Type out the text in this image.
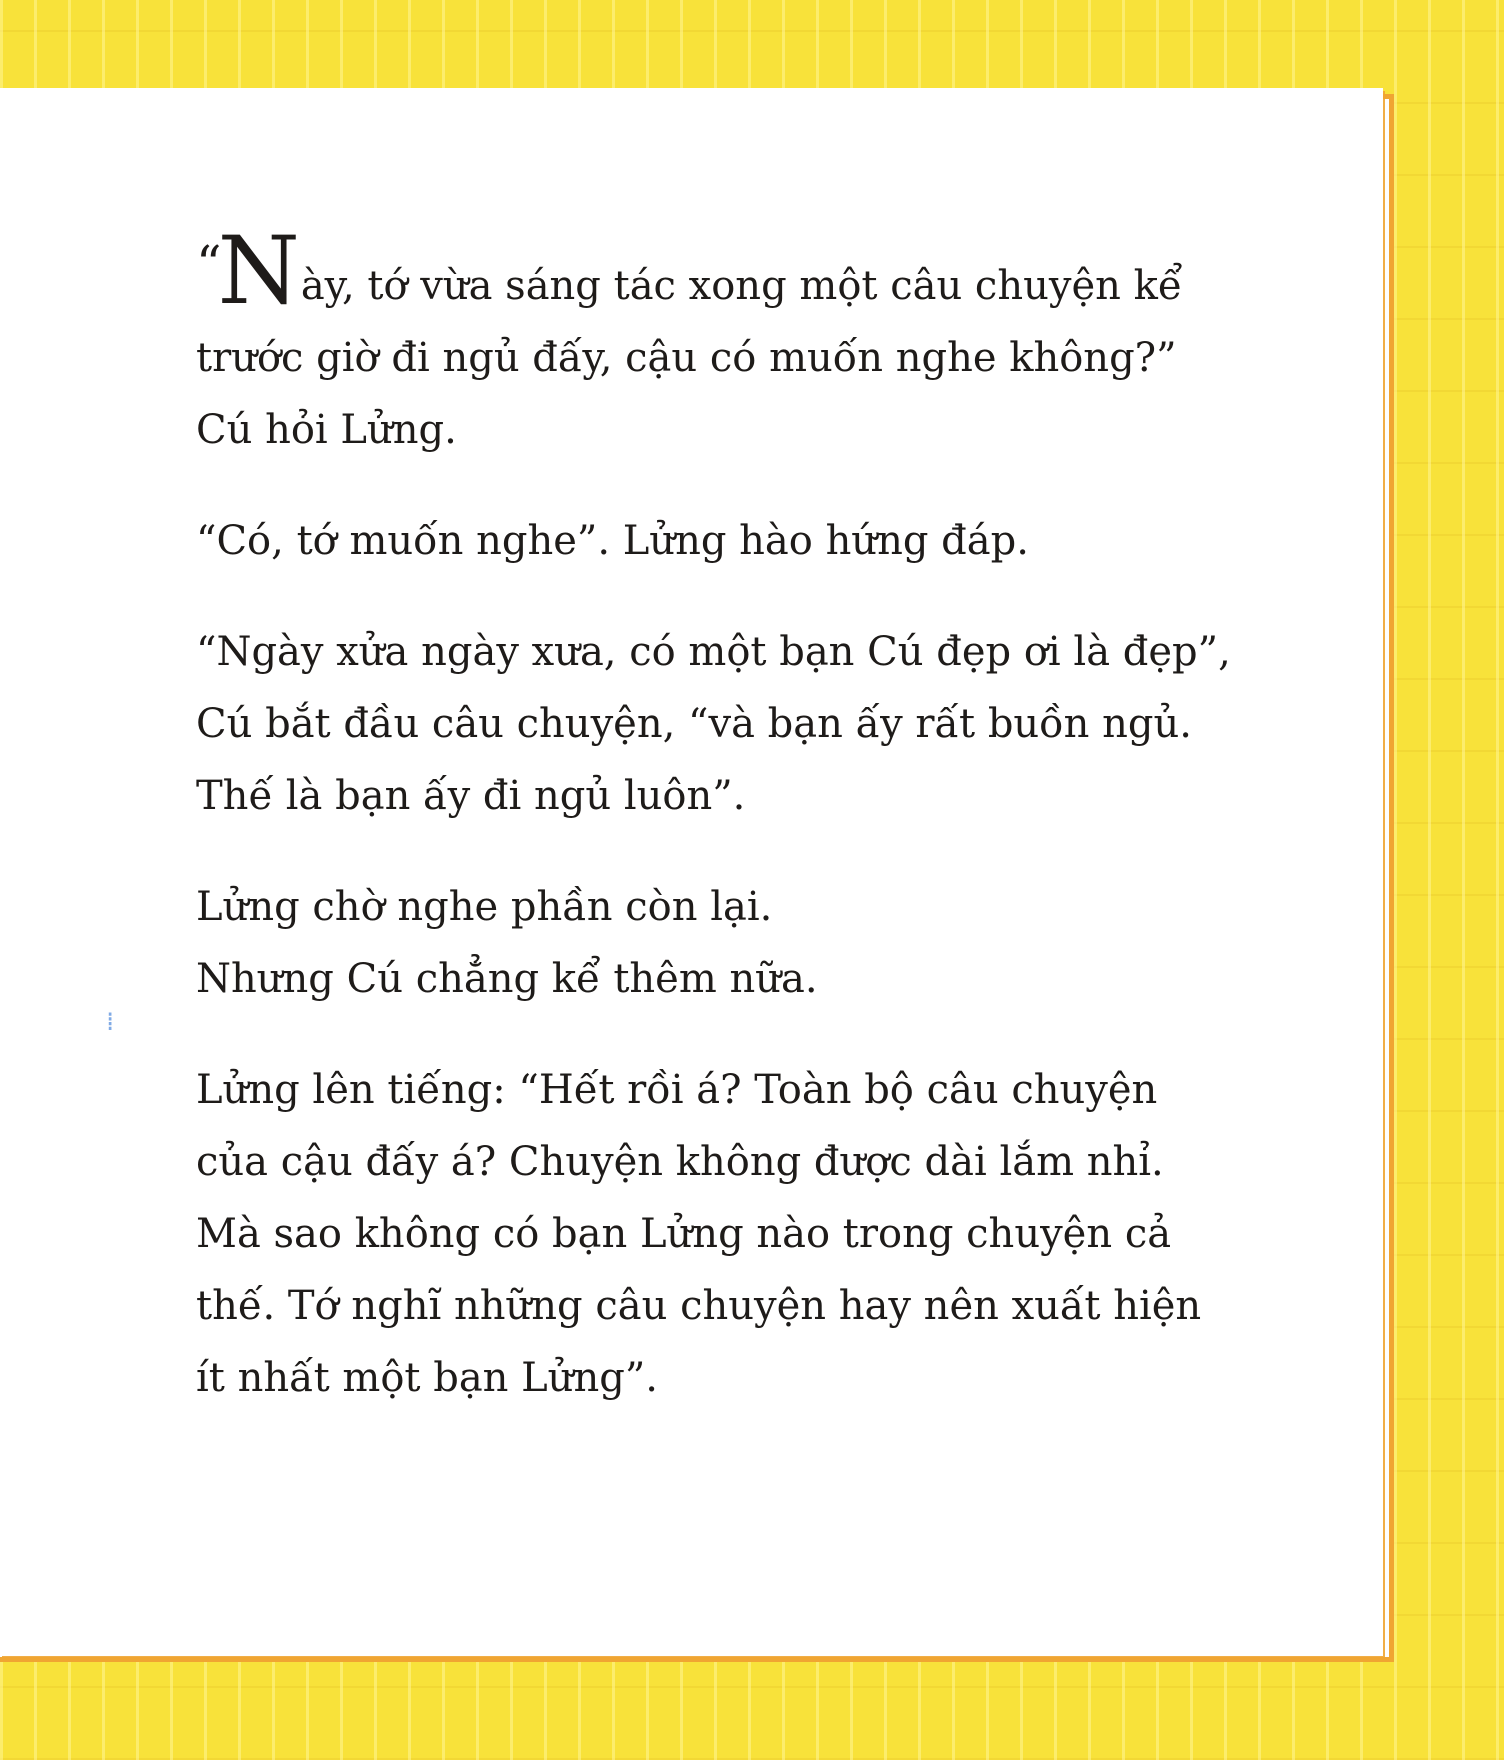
⁞

“Này, tớ vừa sáng tác xong một câu chuyện kể
trước giờ đi ngủ đấy, cậu có muốn nghe không?”
Cú hỏi Lửng.

“Có, tớ muốn nghe”. Lửng hào hứng đáp.

“Ngày xửa ngày xưa, có một bạn Cú đẹp ơi là đẹp”,
Cú bắt đầu câu chuyện, “và bạn ấy rất buồn ngủ.
Thế là bạn ấy đi ngủ luôn”.

Lửng chờ nghe phần còn lại.
Nhưng Cú chẳng kể thêm nữa.

Lửng lên tiếng: “Hết rồi á? Toàn bộ câu chuyện
của cậu đấy á? Chuyện không được dài lắm nhỉ.
Mà sao không có bạn Lửng nào trong chuyện cả
thế. Tớ nghĩ những câu chuyện hay nên xuất hiện
ít nhất một bạn Lửng”.
